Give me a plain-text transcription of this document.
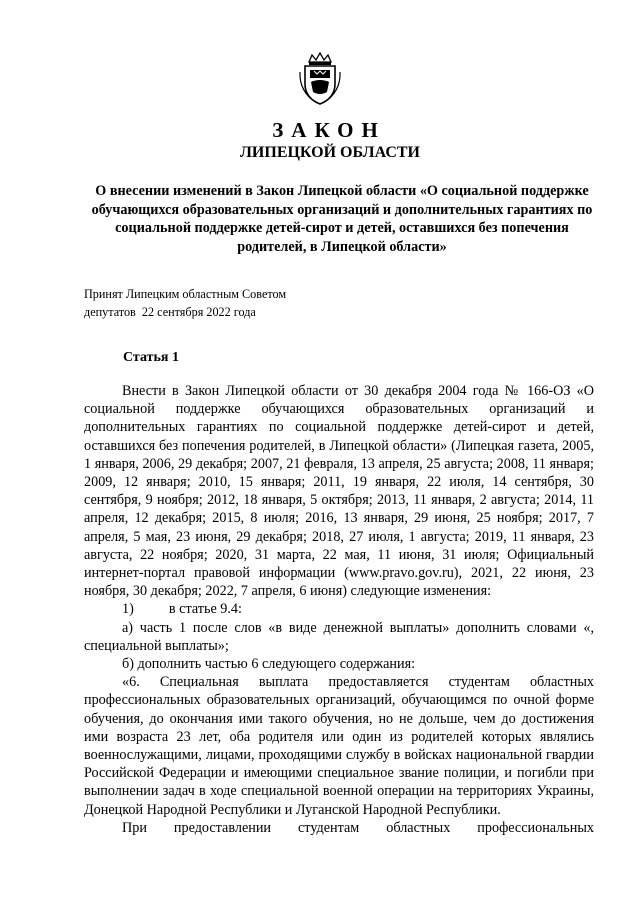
ЗАКОН
ЛИПЕЦКОЙ ОБЛАСТИ
О внесении изменений в Закон Липецкой области «О социальной поддержке обучающихся образовательных организаций и дополнительных гарантиях по социальной поддержке детей-сирот и детей, оставшихся без попечения родителей, в Липецкой области»
Принят Липецким областным Советом
депутатов  22 сентября 2022 года
Статья 1

Внести в Закон Липецкой области от 30 декабря 2004 года № 166-ОЗ «О социальной поддержке обучающихся образовательных организаций и дополнительных гарантиях по социальной поддержке детей-сирот и детей, оставшихся без попечения родителей, в Липецкой области» (Липецкая газета, 2005, 1 января, 2006, 29 декабря; 2007, 21 февраля, 13 апреля, 25 августа; 2008, 11 января; 2009, 12 января; 2010, 15 января; 2011, 19 января, 22 июля, 14 сентября, 30 сентября, 9 ноября; 2012, 18 января, 5 октября; 2013, 11 января, 2 августа; 2014, 11 апреля, 12 декабря; 2015, 8 июля; 2016, 13 января, 29 июня, 25 ноября; 2017, 7 апреля, 5 мая, 23 июня, 29 декабря; 2018, 27 июля, 1 августа; 2019, 11 января, 23 августа, 22 ноября; 2020, 31 марта, 22 мая, 11 июня, 31 июля; Официальный интернет-портал правовой информации (www.pravo.gov.ru), 2021, 22 июня, 23 ноября, 30 декабря; 2022, 7 апреля, 6 июня) следующие изменения:

1) в статье 9.4:

а) часть 1 после слов «в виде денежной выплаты» дополнить словами «, специальной выплаты»;

б) дополнить частью 6 следующего содержания:

«6. Специальная выплата предоставляется студентам областных профессиональных образовательных организаций, обучающимся по очной форме обучения, до окончания ими такого обучения, но не дольше, чем до достижения ими возраста 23 лет, оба родителя или один из родителей которых являлись военнослужащими, лицами, проходящими службу в войсках национальной гвардии Российской Федерации и имеющими специальное звание полиции, и погибли при выполнении задач в ходе специальной военной операции на территориях Украины, Донецкой Народной Республики и Луганской Народной Республики.

При предоставлении студентам областных профессиональных
